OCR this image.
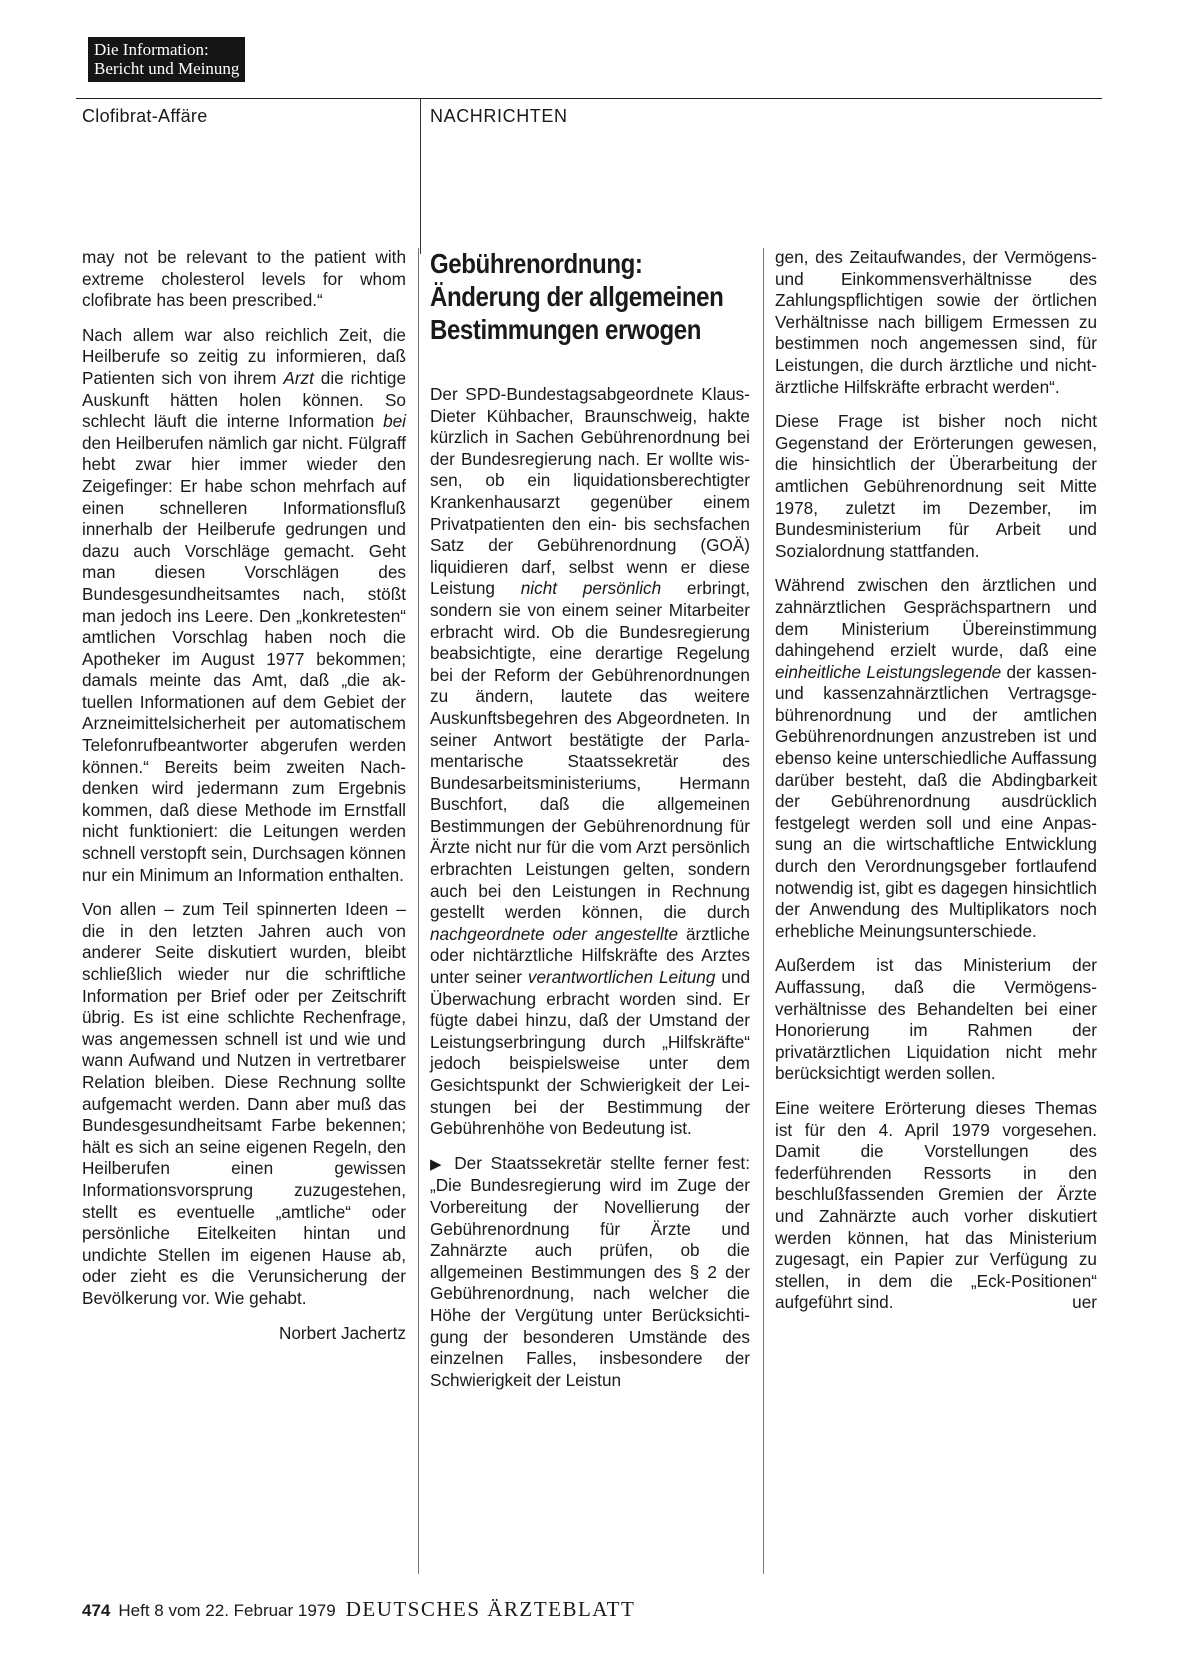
Die Information:
Bericht und Meinung
Clofibrat-Affäre	NACHRICHTEN

may not be relevant to the patient with extreme cholesterol levels for whom clofibrate has been prescribed.“

Nach allem war also reichlich Zeit, die Heilberufe so zeitig zu informieren, daß Patienten sich von ihrem Arzt die richtige Auskunft hätten holen können. So schlecht läuft die interne Information bei den Heilberufen nämlich gar nicht. Fülgraff hebt zwar hier immer wieder den Zeigefinger: Er habe schon mehrfach auf einen schnelleren Informationsfluß innerhalb der Heilberufe gedrungen und dazu auch Vorschläge gemacht. Geht man diesen Vorschlägen des Bundesgesundheitsamtes nach, stößt man jedoch ins Leere. Den „konkretesten“ amtlichen Vorschlag haben noch die Apotheker im August 1977 bekommen; damals meinte das Amt, daß „die aktuellen Informationen auf dem Gebiet der Arzneimittelsicherheit per automatischem Telefonrufbeantworter abgerufen werden können.“ Bereits beim zweiten Nachdenken wird jedermann zum Ergebnis kommen, daß diese Methode im Ernstfall nicht funktioniert: die Leitungen werden schnell verstopft sein, Durchsagen können nur ein Minimum an Information enthalten.

Von allen – zum Teil spinnerten Ideen – die in den letzten Jahren auch von anderer Seite diskutiert wurden, bleibt schließlich wieder nur die schriftliche Information per Brief oder per Zeitschrift übrig. Es ist eine schlichte Rechenfrage, was angemessen schnell ist und wie und wann Aufwand und Nutzen in vertretbarer Relation bleiben. Diese Rechnung sollte aufgemacht werden. Dann aber muß das Bundesgesundheitsamt Farbe bekennen; hält es sich an seine eigenen Regeln, den Heilberufen einen gewissen Informationsvorsprung zuzugestehen, stellt es eventuelle „amtliche“ oder persönliche Eitelkeiten hintan und undichte Stellen im eigenen Hause ab, oder zieht es die Verunsicherung der Bevölkerung vor. Wie gehabt.

Norbert Jachertz

Gebührenordnung:
Änderung der allgemeinen
Bestimmungen erwogen

Der SPD-Bundestagsabgeordnete Klaus-Dieter Kühbacher, Braunschweig, hakte kürzlich in Sachen Gebührenordnung bei der Bundesregierung nach. Er wollte wissen, ob ein liquidationsberechtigter Krankenhausarzt gegenüber einem Privatpatienten den ein- bis sechsfachen Satz der Gebührenordnung (GOÄ) liquidieren darf, selbst wenn er diese Leistung nicht persönlich erbringt, sondern sie von einem seiner Mitarbeiter erbracht wird. Ob die Bundesregierung beabsichtigte, eine derartige Regelung bei der Reform der Gebührenordnungen zu ändern, lautete das weitere Auskunftsbegehren des Abgeordneten. In seiner Antwort bestätigte der Parlamentarische Staatssekretär des Bundesarbeitsministeriums, Hermann Buschfort, daß die allgemeinen Bestimmungen der Gebührenordnung für Ärzte nicht nur für die vom Arzt persönlich erbrachten Leistungen gelten, sondern auch bei den Leistungen in Rechnung gestellt werden können, die durch nachgeordnete oder angestellte ärztliche oder nichtärztliche Hilfskräfte des Arztes unter seiner verantwortlichen Leitung und Überwachung erbracht worden sind. Er fügte dabei hinzu, daß der Umstand der Leistungserbringung durch „Hilfskräfte“ jedoch beispielsweise unter dem Gesichtspunkt der Schwierigkeit der Leistungen bei der Bestimmung der Gebührenhöhe von Bedeutung ist.

▶ Der Staatssekretär stellte ferner fest: „Die Bundesregierung wird im Zuge der Vorbereitung der Novellierung der Gebührenordnung für Ärzte und Zahnärzte auch prüfen, ob die allgemeinen Bestimmungen des § 2 der Gebührenordnung, nach welcher die Höhe der Vergütung unter Berücksichtigung der besonderen Umstände des einzelnen Falles, insbesondere der Schwierigkeit der Leistun

gen, des Zeitaufwandes, der Vermögens- und Einkommensverhältnisse des Zahlungspflichtigen sowie der örtlichen Verhältnisse nach billigem Ermessen zu bestimmen noch angemessen sind, für Leistungen, die durch ärztliche und nicht-ärztliche Hilfskräfte erbracht werden“.

Diese Frage ist bisher noch nicht Gegenstand der Erörterungen gewesen, die hinsichtlich der Überarbeitung der amtlichen Gebührenordnung seit Mitte 1978, zuletzt im Dezember, im Bundesministerium für Arbeit und Sozialordnung stattfanden.

Während zwischen den ärztlichen und zahnärztlichen Gesprächspartnern und dem Ministerium Übereinstimmung dahingehend erzielt wurde, daß eine einheitliche Leistungslegende der kassen- und kassenzahnärztlichen Vertragsgebührenordnung und der amtlichen Gebührenordnungen anzustreben ist und ebenso keine unterschiedliche Auffassung darüber besteht, daß die Abdingbarkeit der Gebührenordnung ausdrücklich festgelegt werden soll und eine Anpassung an die wirtschaftliche Entwicklung durch den Verordnungsgeber fortlaufend notwendig ist, gibt es dagegen hinsichtlich der Anwendung des Multiplikators noch erhebliche Meinungsunterschiede.

Außerdem ist das Ministerium der Auffassung, daß die Vermögensverhältnisse des Behandelten bei einer Honorierung im Rahmen der privatärztlichen Liquidation nicht mehr berücksichtigt werden sollen.

Eine weitere Erörterung dieses Themas ist für den 4. April 1979 vorgesehen. Damit die Vorstellungen des federführenden Ressorts in den beschlußfassenden Gremien der Ärzte und Zahnärzte auch vorher diskutiert werden können, hat das Ministerium zugesagt, ein Papier zur Verfügung zu stellen, in dem die „Eck-Positionen“ aufgeführt sind.	uer

474 Heft 8 vom 22. Februar 1979 DEUTSCHES ÄRZTEBLATT
